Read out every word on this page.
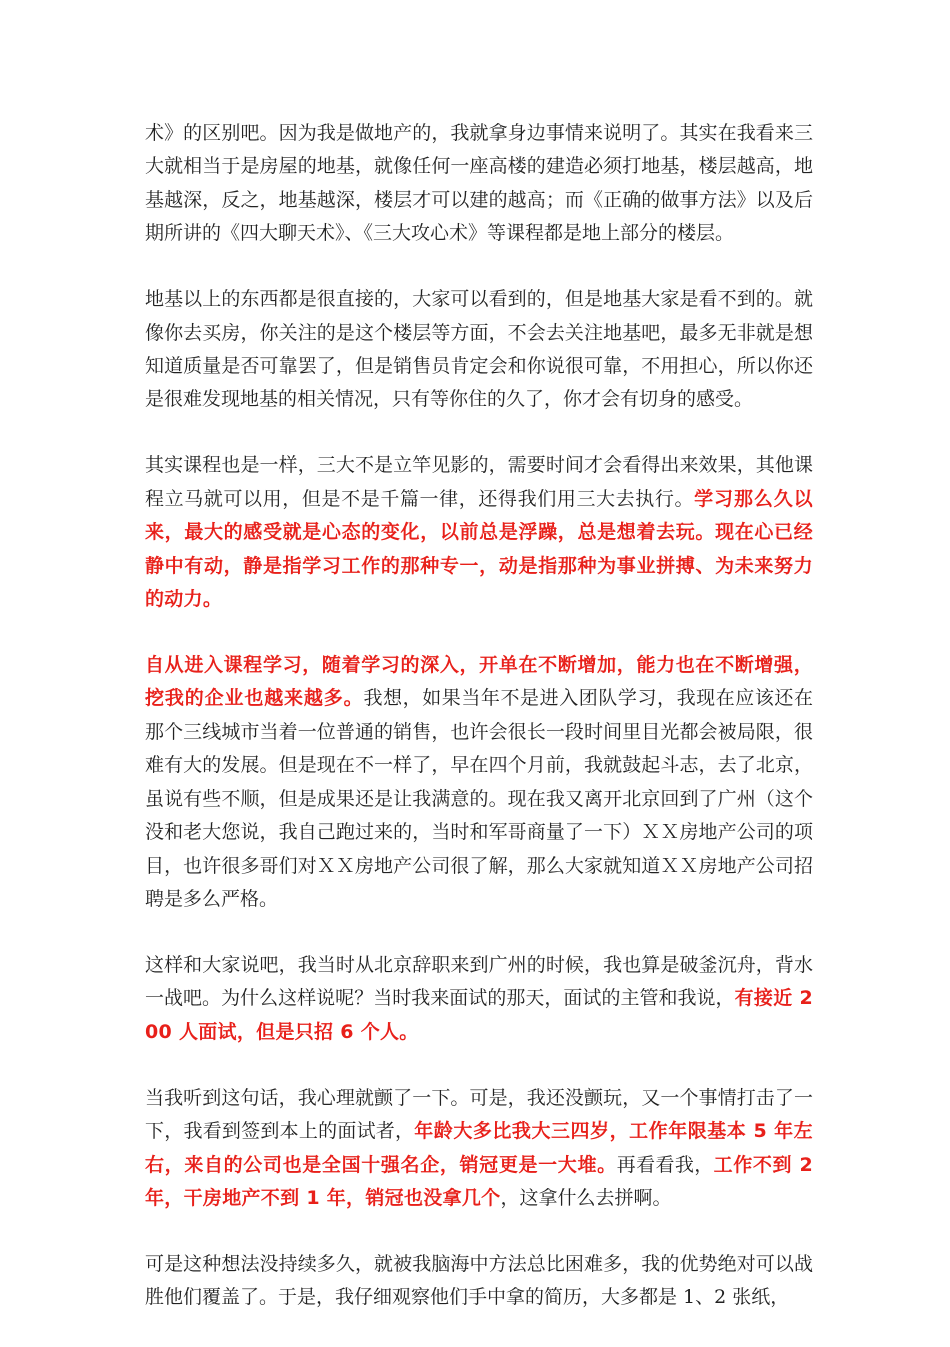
术》的区别吧。因为我是做地产的，我就拿身边事情来说明了。其实在我看来三大就相当于是房屋的地基，就像任何一座高楼的建造必须打地基，楼层越高，地基越深，反之，地基越深，楼层才可以建的越高；而《正确的做事方法》以及后期所讲的《四大聊天术》、《三大攻心术》等课程都是地上部分的楼层。

地基以上的东西都是很直接的，大家可以看到的，但是地基大家是看不到的。就像你去买房，你关注的是这个楼层等方面，不会去关注地基吧，最多无非就是想知道质量是否可靠罢了，但是销售员肯定会和你说很可靠，不用担心，所以你还是很难发现地基的相关情况，只有等你住的久了，你才会有切身的感受。

其实课程也是一样，三大不是立竿见影的，需要时间才会看得出来效果，其他课程立马就可以用，但是不是千篇一律，还得我们用三大去执行。学习那么久以来，最大的感受就是心态的变化，以前总是浮躁，总是想着去玩。现在心已经静中有动，静是指学习工作的那种专一，动是指那种为事业拼搏、为未来努力的动力。

自从进入课程学习，随着学习的深入，开单在不断增加，能力也在不断增强，挖我的企业也越来越多。我想，如果当年不是进入团队学习，我现在应该还在那个三线城市当着一位普通的销售，也许会很长一段时间里目光都会被局限，很难有大的发展。但是现在不一样了，早在四个月前，我就鼓起斗志，去了北京，虽说有些不顺，但是成果还是让我满意的。现在我又离开北京回到了广州（这个没和老大您说，我自己跑过来的，当时和军哥商量了一下）ＸＸ房地产公司的项目，也许很多哥们对ＸＸ房地产公司很了解，那么大家就知道ＸＸ房地产公司招聘是多么严格。

这样和大家说吧，我当时从北京辞职来到广州的时候，我也算是破釜沉舟，背水一战吧。为什么这样说呢？当时我来面试的那天，面试的主管和我说，有接近 200 人面试，但是只招 6 个人。

当我听到这句话，我心理就颤了一下。可是，我还没颤玩，又一个事情打击了一下，我看到签到本上的面试者，年龄大多比我大三四岁，工作年限基本 5 年左右，来自的公司也是全国十强名企，销冠更是一大堆。再看看我，工作不到 2 年，干房地产不到 1 年，销冠也没拿几个，这拿什么去拼啊。

可是这种想法没持续多久，就被我脑海中方法总比困难多，我的优势绝对可以战胜他们覆盖了。于是，我仔细观察他们手中拿的简历，大多都是 1、2 张纸，
